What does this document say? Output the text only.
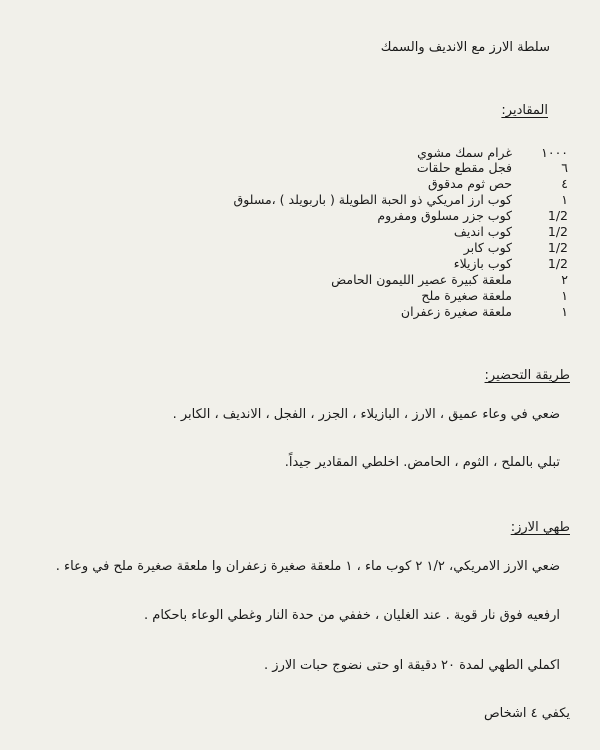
سلطة الارز مع الانديف والسمك
المقادير:
١٠٠٠
غرام سمك مشوي
٦
فجل مقطع حلقات
٤
حص ثوم مدقوق
١
كوب ارز امريكي ذو الحبة الطويلة ( باربويلد ) ،مسلوق
1/2
كوب جزر مسلوق ومفروم
1/2
كوب انديف
1/2
كوب كابر
1/2
كوب بازيلاء
٢
ملعقة كبيرة عصير الليمون الحامض
١
ملعقة صغيرة ملح
١
ملعقة صغيرة زعفران
طريقة التحضير:
ضعي في وعاء عميق ، الارز ، البازيلاء ، الجزر ، الفجل ، الانديف ، الكابر .
تبلي بالملح ، الثوم ، الحامض. اخلطي المقادير جيداً.
طهي الارز:
ضعي الارز الامريكي، ١/٢ ٢ كوب ماء ، ١ ملعقة صغيرة زعفران وا ملعقة صغيرة ملح في وعاء .
ارفعيه فوق نار قوية . عند الغليان ، خففي من حدة النار وغطي الوعاء باحكام .
اكملي الطهي لمدة ٢٠ دقيقة او حتى نضوج حبات الارز .
يكفي ٤ اشخاص
